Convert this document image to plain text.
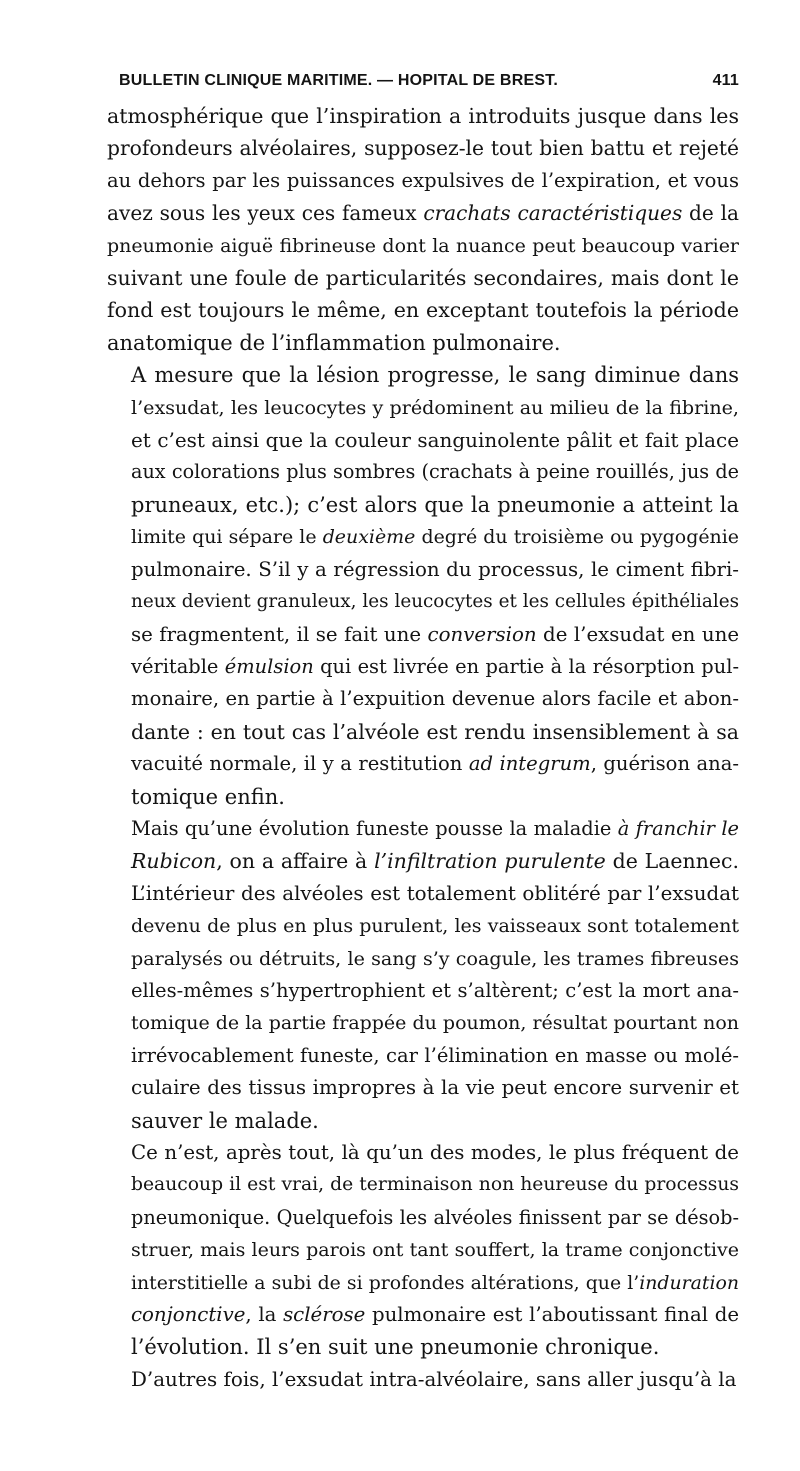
BULLETIN CLINIQUE MARITIME. — HOPITAL DE BREST.	411

atmosphérique que l’inspiration a introduits jusque dans les
profondeurs alvéolaires, supposez-le tout bien battu et rejeté
au dehors par les puissances expulsives de l’expiration, et vous
avez sous les yeux ces fameux crachats caractéristiques de la
pneumonie aiguë fibrineuse dont la nuance peut beaucoup varier
suivant une foule de particularités secondaires, mais dont le
fond est toujours le même, en exceptant toutefois la période
anatomique de l’inflammation pulmonaire.

A mesure que la lésion progresse, le sang diminue dans
l’exsudat, les leucocytes y prédominent au milieu de la fibrine,
et c’est ainsi que la couleur sanguinolente pâlit et fait place
aux colorations plus sombres (crachats à peine rouillés, jus de
pruneaux, etc.); c’est alors que la pneumonie a atteint la
limite qui sépare le deuxième degré du troisième ou pygogénie
pulmonaire. S’il y a régression du processus, le ciment fibri-
neux devient granuleux, les leucocytes et les cellules épithéliales
se fragmentent, il se fait une conversion de l’exsudat en une
véritable émulsion qui est livrée en partie à la résorption pul-
monaire, en partie à l’expuition devenue alors facile et abon-
dante : en tout cas l’alvéole est rendu insensiblement à sa
vacuité normale, il y a restitution ad integrum, guérison ana-
tomique enfin.

Mais qu’une évolution funeste pousse la maladie à franchir le
Rubicon, on a affaire à l’infiltration purulente de Laennec.
L’intérieur des alvéoles est totalement oblitéré par l’exsudat
devenu de plus en plus purulent, les vaisseaux sont totalement
paralysés ou détruits, le sang s’y coagule, les trames fibreuses
elles-mêmes s’hypertrophient et s’altèrent; c’est la mort ana-
tomique de la partie frappée du poumon, résultat pourtant non
irrévocablement funeste, car l’élimination en masse ou molé-
culaire des tissus impropres à la vie peut encore survenir et
sauver le malade.

Ce n’est, après tout, là qu’un des modes, le plus fréquent de
beaucoup il est vrai, de terminaison non heureuse du processus
pneumonique. Quelquefois les alvéoles finissent par se désob-
struer, mais leurs parois ont tant souffert, la trame conjonctive
interstitielle a subi de si profondes altérations, que l’induration
conjonctive, la sclérose pulmonaire est l’aboutissant final de
l’évolution. Il s’en suit une pneumonie chronique.

D’autres fois, l’exsudat intra-alvéolaire, sans aller jusqu’à la
